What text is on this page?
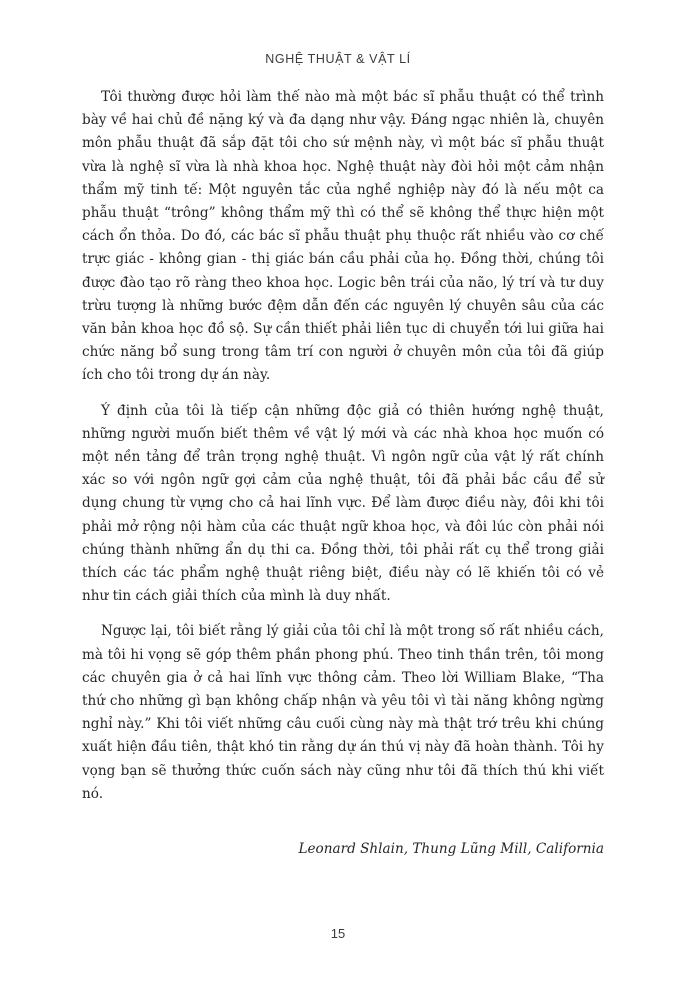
NGHỆ THUẬT & VẬT LÍ

Tôi thường được hỏi làm thế nào mà một bác sĩ phẫu thuật có thể trình bày về hai chủ đề nặng ký và đa dạng như vậy. Đáng ngạc nhiên là, chuyên môn phẫu thuật đã sắp đặt tôi cho sứ mệnh này, vì một bác sĩ phẫu thuật vừa là nghệ sĩ vừa là nhà khoa học. Nghệ thuật này đòi hỏi một cảm nhận thẩm mỹ tinh tế: Một nguyên tắc của nghề nghiệp này đó là nếu một ca phẫu thuật “trông” không thẩm mỹ thì có thể sẽ không thể thực hiện một cách ổn thỏa. Do đó, các bác sĩ phẫu thuật phụ thuộc rất nhiều vào cơ chế trực giác - không gian - thị giác bán cầu phải của họ. Đồng thời, chúng tôi được đào tạo rõ ràng theo khoa học. Logic bên trái của não, lý trí và tư duy trừu tượng là những bước đệm dẫn đến các nguyên lý chuyên sâu của các văn bản khoa học đồ sộ. Sự cần thiết phải liên tục di chuyển tới lui giữa hai chức năng bổ sung trong tâm trí con người ở chuyên môn của tôi đã giúp ích cho tôi trong dự án này.

Ý định của tôi là tiếp cận những độc giả có thiên hướng nghệ thuật, những người muốn biết thêm về vật lý mới và các nhà khoa học muốn có một nền tảng để trân trọng nghệ thuật. Vì ngôn ngữ của vật lý rất chính xác so với ngôn ngữ gợi cảm của nghệ thuật, tôi đã phải bắc cầu để sử dụng chung từ vựng cho cả hai lĩnh vực. Để làm được điều này, đôi khi tôi phải mở rộng nội hàm của các thuật ngữ khoa học, và đôi lúc còn phải nói chúng thành những ẩn dụ thi ca. Đồng thời, tôi phải rất cụ thể trong giải thích các tác phẩm nghệ thuật riêng biệt, điều này có lẽ khiến tôi có vẻ như tin cách giải thích của mình là duy nhất.

Ngược lại, tôi biết rằng lý giải của tôi chỉ là một trong số rất nhiều cách, mà tôi hi vọng sẽ góp thêm phần phong phú. Theo tinh thần trên, tôi mong các chuyên gia ở cả hai lĩnh vực thông cảm. Theo lời William Blake, “Tha thứ cho những gì bạn không chấp nhận và yêu tôi vì tài năng không ngừng nghỉ này.” Khi tôi viết những câu cuối cùng này mà thật trớ trêu khi chúng xuất hiện đầu tiên, thật khó tin rằng dự án thú vị này đã hoàn thành. Tôi hy vọng bạn sẽ thưởng thức cuốn sách này cũng như tôi đã thích thú khi viết nó.

Leonard Shlain, Thung Lũng Mill, California

15
